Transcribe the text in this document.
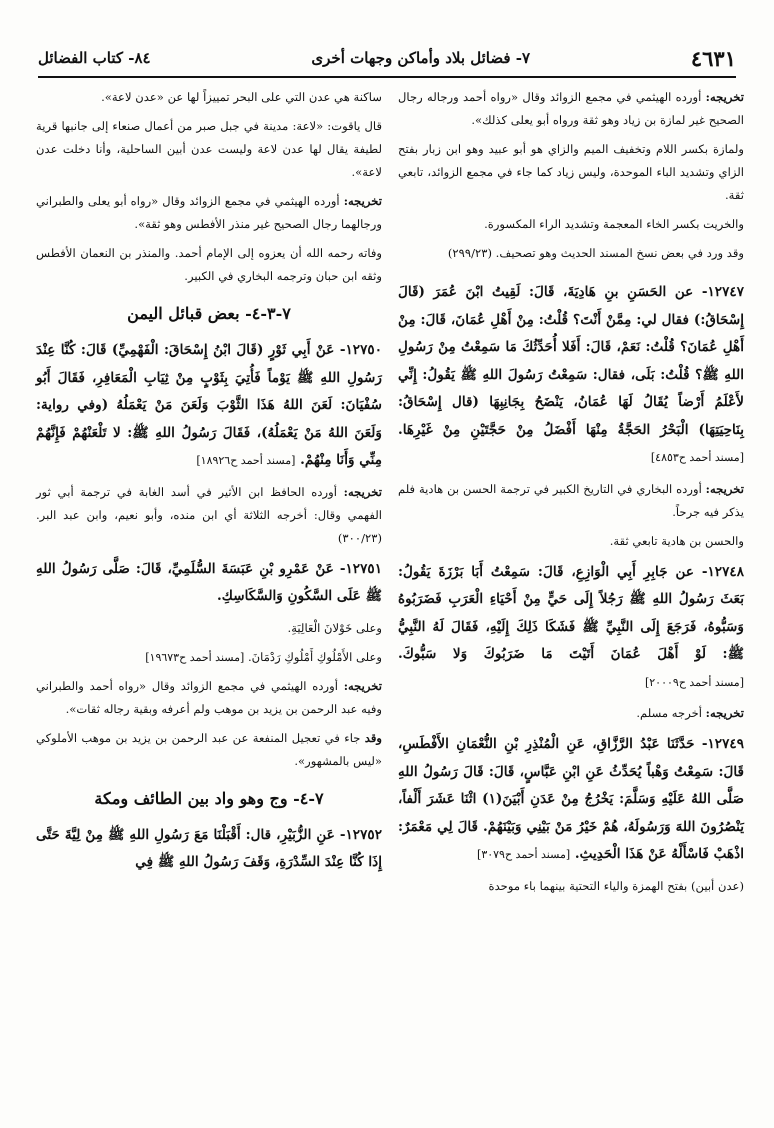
٤٦٣١
٧- فضائل بلاد وأماكن وجهات أخرى
٨٤- كتاب الفضائل

تخريجه: أورده الهيثمي في مجمع الزوائد وقال «رواه أحمد ورجاله رجال الصحيح غير لمازة بن زياد وهو ثقة ورواه أبو يعلى كذلك».

ولمازة بكسر اللام وتخفيف الميم والزاي هو أبو عبيد وهو ابن زبار بفتح الزاي وتشديد الباء الموحدة، وليس زياد كما جاء في مجمع الزوائد، تابعي ثقة.

والخريت بكسر الخاء المعجمة وتشديد الراء المكسورة.

وقد ورد في بعض نسخ المسند الحديث وهو تصحيف. (٢٩٩/٢٣)

١٢٧٤٧- عن الحَسَنِ بنِ هَادِيَةَ، قَالَ: لَقِيتُ ابْنَ عُمَرَ (قَالَ إِسْحَاقُ:) فقال لي: مِمَّنْ أَنْتَ؟ قُلْتُ: مِنْ أَهْلِ عُمَانَ، قَالَ: مِنْ أَهْلِ عُمَانَ؟ قُلْتُ: نَعَمْ، قَالَ: أَفَلا أُحَدِّثُكَ مَا سَمِعْتُ مِنْ رَسُولِ اللهِ ﷺ؟ قُلْتُ: بَلَى، فقال: سَمِعْتُ رَسُولَ اللهِ ﷺ يَقُولُ: إِنِّي لأَعْلَمُ أَرْضاً يُقَالُ لَهَا عُمَانُ، يَنْضَحُ بِجَانِبِهَا (قال إِسْحَاقُ: بِنَاحِيَتِهَا) الْبَحْرُ الحَجَّةُ مِنْهَا أَفْضَلُ مِنْ حَجَّتَيْنِ مِنْ غَيْرِهَا. [مسند أحمد ح٤٨٥٣]

تخريجه: أورده البخاري في التاريخ الكبير في ترجمة الحسن بن هادية فلم يذكر فيه جرحاً.

والحسن بن هادية تابعي ثقة.

١٢٧٤٨- عن جَابِرِ أَبِي الْوَازِعِ، قَالَ: سَمِعْتُ أَبَا بَرْزَةَ يَقُولُ: بَعَثَ رَسُولُ اللهِ ﷺ رَجُلاً إِلَى حَيٍّ مِنْ أَحْيَاءِ الْعَرَبِ فَضَرَبُوهُ وَسَبُّوهُ، فَرَجَعَ إِلَى النَّبِيِّ ﷺ فَشَكَا ذَلِكَ إِلَيْهِ، فَقَالَ لَهُ النَّبِيُّ ﷺ: لَوْ أَهْلَ عُمَانَ أَتَيْتَ مَا ضَرَبُوكَ وَلا سَبُّوكَ. [مسند أحمد ح٢٠٠٠٩]

تخريجه: أخرجه مسلم.

١٢٧٤٩- حَدَّثَنَا عَبْدُ الرَّزَّاقِ، عَنِ الْمُنْذِرِ بْنِ النُّعْمَانِ الأَفْطَسِ، قَالَ: سَمِعْتُ وَهْباً يُحَدِّثُ عَنِ ابْنِ عَبَّاسٍ، قَالَ: قَالَ رَسُولُ اللهِ صَلَّى اللهُ عَلَيْهِ وَسَلَّمَ: يَخْرُجُ مِنْ عَدَنِ أَبْيَنَ(١) اثْنَا عَشَرَ أَلْفاً، يَنْصُرُونَ اللهَ وَرَسُولَهُ، هُمْ خَيْرُ مَنْ بَيْنِي وَبَيْنَهُمْ. قَالَ لِي مَعْمَرٌ: اذْهَبْ فَاسْأَلْهُ عَنْ هَذَا الْحَدِيثِ. [مسند أحمد ح٣٠٧٩]

(عدن أبين) بفتح الهمزة والياء التحتية بينهما باء موحدة

ساكنة هي عدن التي على البحر تمييزاً لها عن «عدن لاعة».

قال ياقوت: «لاعة: مدينة في جبل صبر من أعمال صنعاء إلى جانبها قرية لطيفة يقال لها عدن لاعة وليست عدن أبين الساحلية، وأنا دخلت عدن لاعة».

تخريجه: أورده الهيثمي في مجمع الزوائد وقال «رواه أبو يعلى والطبراني ورجالهما رجال الصحيح غير منذر الأفطس وهو ثقة».

وفاته رحمه الله أن يعزوه إلى الإمام أحمد. والمنذر بن النعمان الأفطس وثقه ابن حبان وترجمه البخاري في الكبير.

٧-٣-٤- بعض قبائل اليمن

١٢٧٥٠- عَنْ أَبِي ثَوْرٍ (قَالَ ابْنُ إِسْحَاقَ: الْفَهْمِيِّ) قَالَ: كُنَّا عِنْدَ رَسُولِ اللهِ ﷺ يَوْماً فَأُتِيَ بِثَوْبٍ مِنْ ثِيَابِ الْمَعَافِرِ، فَقَالَ أَبُو سُفْيَانَ: لَعَنَ اللهُ هَذَا الثَّوْبَ وَلَعَنَ مَنْ يَعْمَلُهُ (وفي رواية: وَلَعَنَ اللهُ مَنْ يَعْمَلُهُ)، فَقَالَ رَسُولُ اللهِ ﷺ: لا تَلْعَنْهُمْ فَإِنَّهُمْ مِنِّي وَأَنَا مِنْهُمْ. [مسند أحمد ح١٨٩٢٦]

تخريجه: أورده الحافظ ابن الأثير في أسد الغابة في ترجمة أبي ثور الفهمي وقال: أخرجه الثلاثة أي ابن منده، وأبو نعيم، وابن عبد البر. (٣٠٠/٢٣)

١٢٧٥١- عَنْ عَمْرِو بْنِ عَبَسَةَ السُّلَمِيِّ، قَالَ: صَلَّى رَسُولُ اللهِ ﷺ عَلَى السَّكُونِ وَالسَّكَاسِكِ.

وعلى خَوْلانَ الْعَالِيَةِ.

وعلى الأَمْلُوكِ أَمْلُوكِ رَدْمَانَ. [مسند أحمد ح١٩٦٧٣]

تخريجه: أورده الهيثمي في مجمع الزوائد وقال «رواه أحمد والطبراني وفيه عبد الرحمن بن يزيد بن موهب ولم أعرفه وبقية رجاله ثقات».

وقد جاء في تعجيل المنفعة عن عبد الرحمن بن يزيد بن موهب الأملوكي «ليس بالمشهور».

٧-٤- وج وهو واد بين الطائف ومكة

١٢٧٥٢- عَنِ الزُّبَيْرِ، قال: أَقْبَلْنَا مَعَ رَسُولِ اللهِ ﷺ مِنْ لِيَّةَ حَتَّى إِذَا كُنَّا عِنْدَ السِّدْرَةِ، وَقَفَ رَسُولُ اللهِ ﷺ فِي
